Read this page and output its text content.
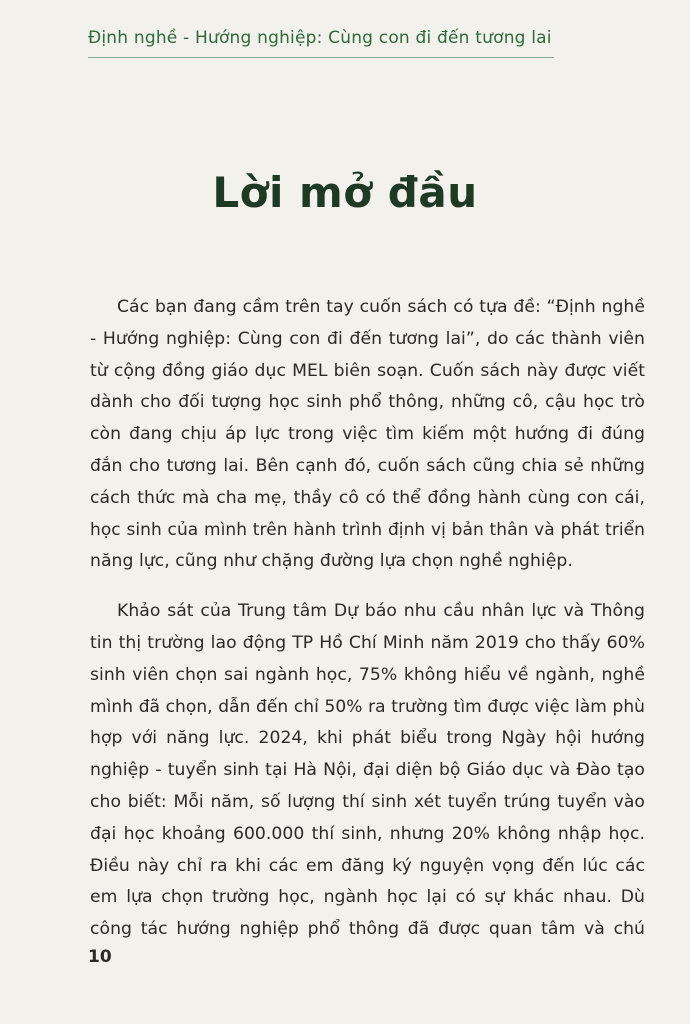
Định nghề - Hướng nghiệp: Cùng con đi đến tương lai
Lời mở đầu
Các bạn đang cầm trên tay cuốn sách có tựa đề: “Định nghề
- Hướng nghiệp: Cùng con đi đến tương lai”, do các thành viên
từ cộng đồng giáo dục MEL biên soạn. Cuốn sách này được viết
dành cho đối tượng học sinh phổ thông, những cô, cậu học trò
còn đang chịu áp lực trong việc tìm kiếm một hướng đi đúng
đắn cho tương lai. Bên cạnh đó, cuốn sách cũng chia sẻ những
cách thức mà cha mẹ, thầy cô có thể đồng hành cùng con cái,
học sinh của mình trên hành trình định vị bản thân và phát triển
năng lực, cũng như chặng đường lựa chọn nghề nghiệp.
Khảo sát của Trung tâm Dự báo nhu cầu nhân lực và Thông
tin thị trường lao động TP Hồ Chí Minh năm 2019 cho thấy 60%
sinh viên chọn sai ngành học, 75% không hiểu về ngành, nghề
mình đã chọn, dẫn đến chỉ 50% ra trường tìm được việc làm phù
hợp với năng lực. 2024, khi phát biểu trong Ngày hội hướng
nghiệp - tuyển sinh tại Hà Nội, đại diện bộ Giáo dục và Đào tạo
cho biết: Mỗi năm, số lượng thí sinh xét tuyển trúng tuyển vào
đại học khoảng 600.000 thí sinh, nhưng 20% không nhập học.
Điều này chỉ ra khi các em đăng ký nguyện vọng đến lúc các
em lựa chọn trường học, ngành học lại có sự khác nhau. Dù
công tác hướng nghiệp phổ thông đã được quan tâm và chú
10
